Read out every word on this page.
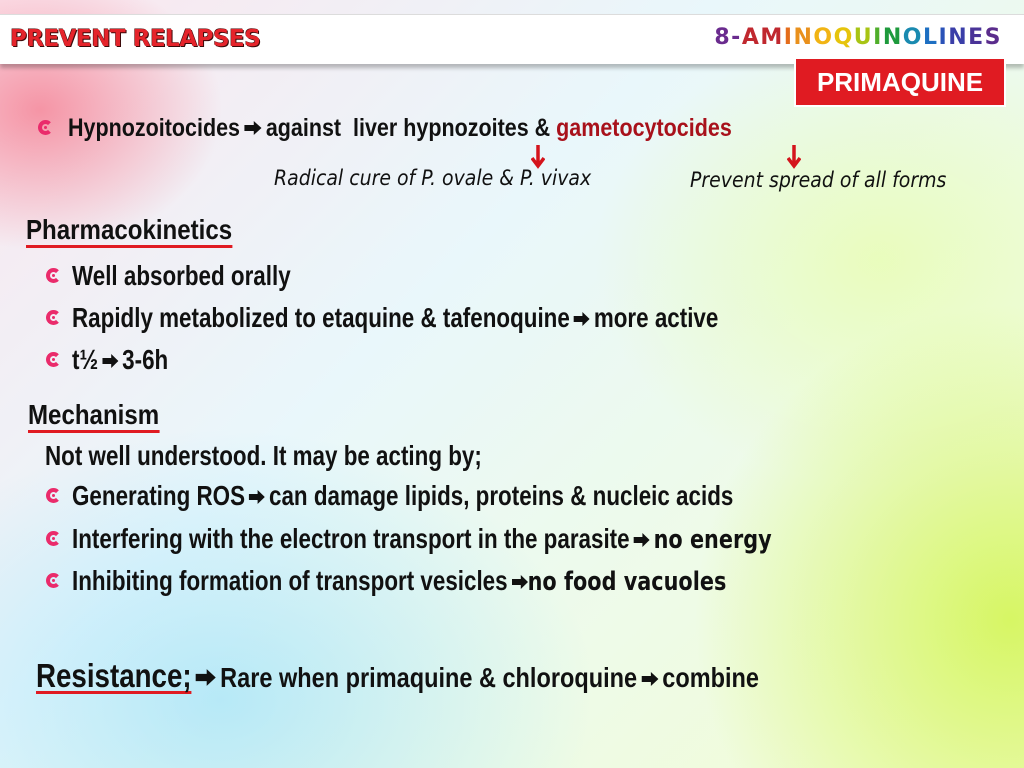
PREVENT RELAPSES	8-AMINOQUINOLINES
PRIMAQUINE
Hypnozoitocides against  liver hypnozoites & gametocytocides
Radical cure of P. ovale & P. vivax	Prevent spread of all forms
Pharmacokinetics
Well absorbed orally
Rapidly metabolized to etaquine & tafenoquine more active
t½ 3-6h
Mechanism
Not well understood. It may be acting by;
Generating ROS can damage lipids, proteins & nucleic acids
Interfering with the electron transport in the parasite no energy
Inhibiting formation of transport vesicles no food vacuoles
Resistance; Rare when primaquine & chloroquine combine
